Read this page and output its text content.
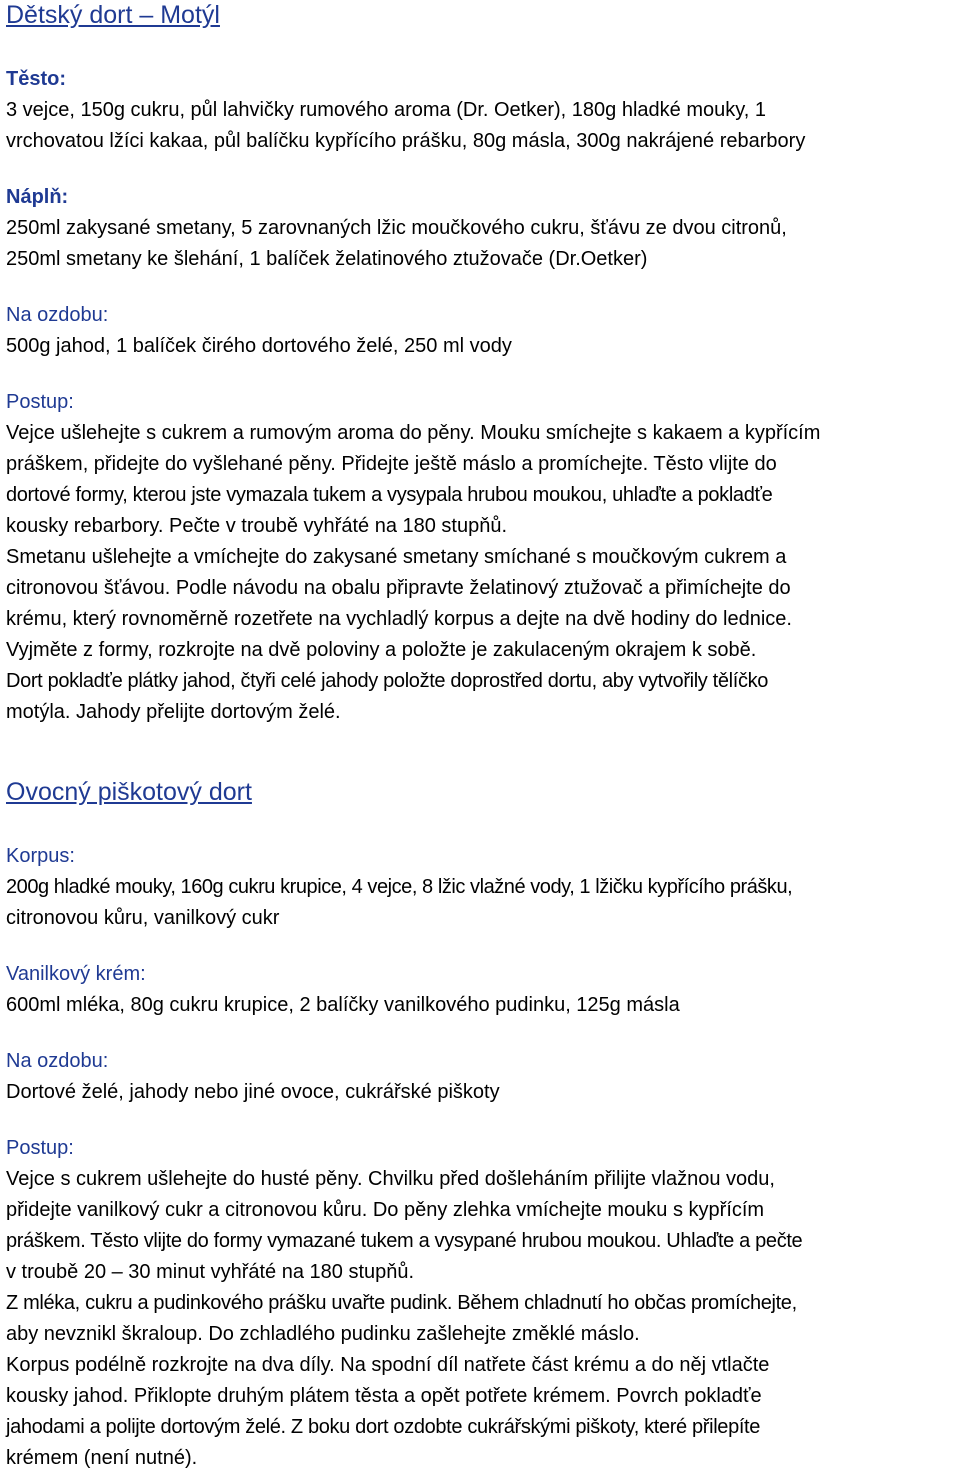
Dětský dort – Motýl

Těsto:

3 vejce, 150g cukru, půl lahvičky rumového aroma (Dr. Oetker), 180g hladké mouky, 1

vrchovatou lžíci kakaa, půl balíčku kypřícího prášku, 80g másla, 300g nakrájené rebarbory

Náplň:

250ml zakysané smetany, 5 zarovnaných lžic moučkového cukru, šťávu ze dvou citronů,

250ml smetany ke šlehání, 1 balíček želatinového ztužovače (Dr.Oetker)

Na ozdobu:

500g jahod, 1 balíček čirého dortového želé, 250 ml vody

Postup:

Vejce ušlehejte s cukrem a rumovým aroma do pěny. Mouku smíchejte s kakaem a kypřícím

práškem, přidejte do vyšlehané pěny. Přidejte ještě máslo a promíchejte. Těsto vlijte do

dortové formy, kterou jste vymazala tukem a vysypala hrubou moukou, uhlaďte a pokladťe

kousky rebarbory. Pečte v troubě vyhřáté na 180 stupňů.

Smetanu ušlehejte a vmíchejte do zakysané smetany smíchané s moučkovým cukrem a

citronovou šťávou. Podle návodu na obalu připravte želatinový ztužovač a přimíchejte do

krému, který rovnoměrně rozetřete na vychladlý korpus a dejte na dvě hodiny do lednice.

Vyjměte z formy, rozkrojte na dvě poloviny a položte je zakulaceným okrajem k sobě.

Dort pokladťe plátky jahod, čtyři celé jahody položte doprostřed dortu, aby vytvořily tělíčko

motýla. Jahody přelijte dortovým želé.

Ovocný piškotový dort

Korpus:

200g hladké mouky, 160g cukru krupice, 4 vejce, 8 lžic vlažné vody, 1 lžičku kypřícího prášku,

citronovou kůru, vanilkový cukr

Vanilkový krém:

600ml mléka, 80g cukru krupice, 2 balíčky vanilkového pudinku, 125g másla

Na ozdobu:

Dortové želé, jahody nebo jiné ovoce, cukrářské piškoty

Postup:

Vejce s cukrem ušlehejte do husté pěny. Chvilku před došleháním přilijte vlažnou vodu,

přidejte vanilkový cukr a citronovou kůru. Do pěny zlehka vmíchejte mouku s kypřícím

práškem. Těsto vlijte do formy vymazané tukem a vysypané hrubou moukou. Uhlaďte a pečte

v troubě 20 – 30 minut vyhřáté na 180 stupňů.

Z mléka, cukru a pudinkového prášku uvařte pudink. Během chladnutí ho občas promíchejte,

aby nevznikl škraloup. Do zchladlého pudinku zašlehejte změklé máslo.

Korpus podélně rozkrojte na dva díly. Na spodní díl natřete část krému a do něj vtlačte

kousky jahod. Přiklopte druhým plátem těsta a opět potřete krémem. Povrch pokladťe

jahodami a polijte dortovým želé. Z boku dort ozdobte cukrářskými piškoty, které přilepíte

krémem (není nutné).
